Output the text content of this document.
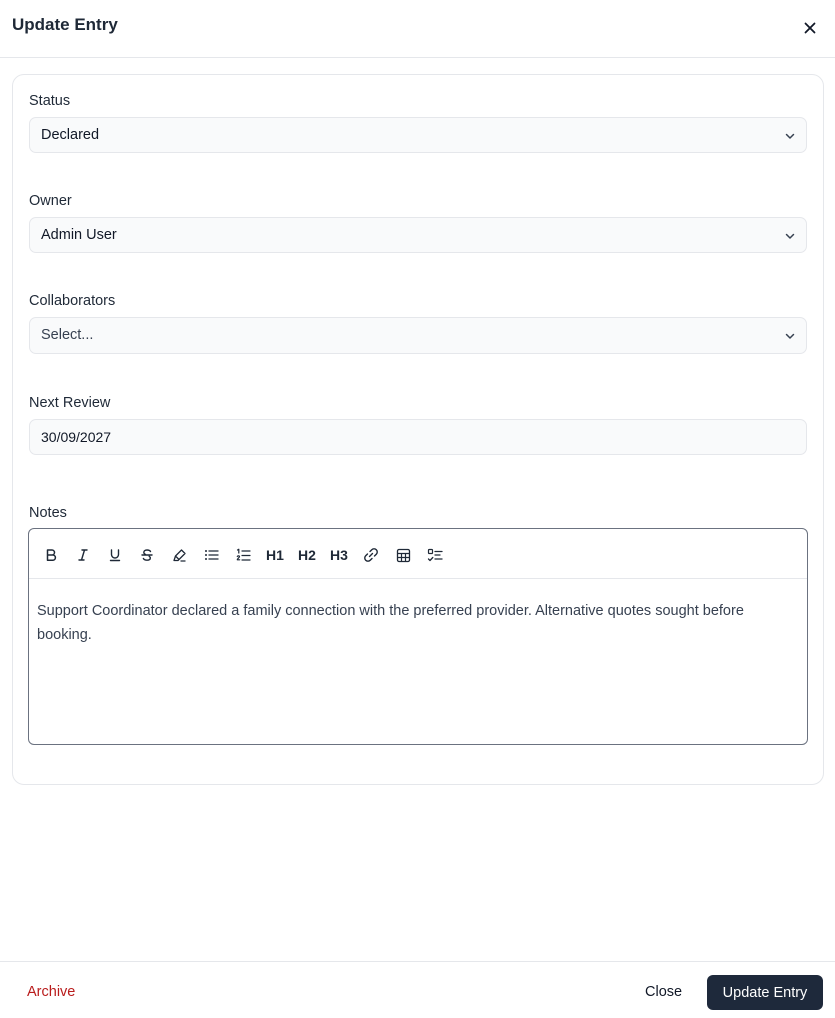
Update Entry
Status
Declared
Owner
Admin User
Collaborators
Select...
Next Review
30/09/2027
Notes
H1 H2 H3
Support Coordinator declared a family connection with the preferred provider. Alternative quotes sought before booking.
Archive	Close	Update Entry
